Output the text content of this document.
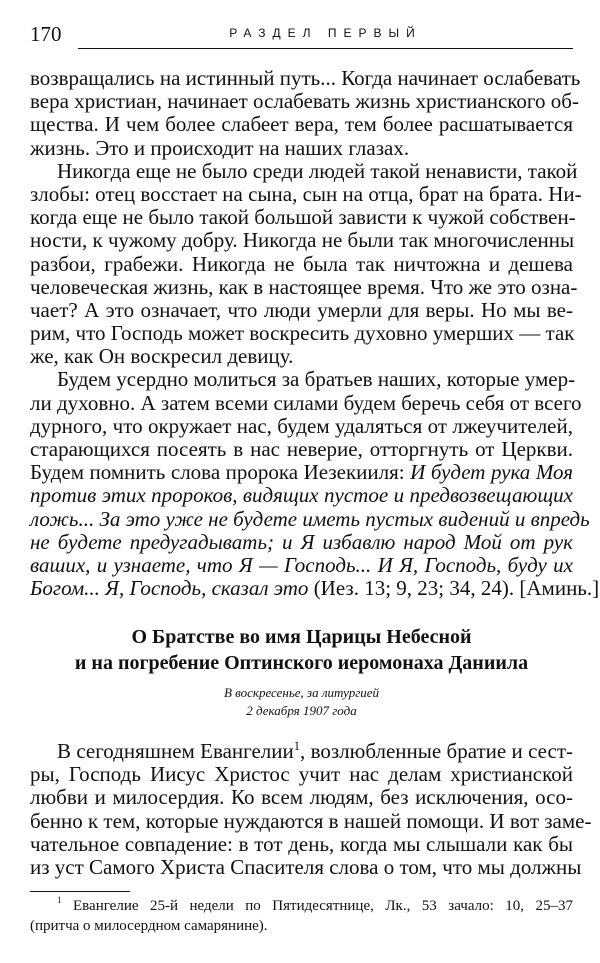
170	РАЗДЕЛ ПЕРВЫЙ
возвращались на истинный путь... Когда начинает ослабевать
вера христиан, начинает ослабевать жизнь христианского об-
щества. И чем более слабеет вера, тем более расшатывается
жизнь. Это и происходит на наших глазах.
Никогда еще не было среди людей такой ненависти, такой
злобы: отец восстает на сына, сын на отца, брат на брата. Ни-
когда еще не было такой большой зависти к чужой собствен-
ности, к чужому добру. Никогда не были так многочисленны
разбои, грабежи. Никогда не была так ничтожна и дешева
человеческая жизнь, как в настоящее время. Что же это озна-
чает? А это означает, что люди умерли для веры. Но мы ве-
рим, что Господь может воскресить духовно умерших — так
же, как Он воскресил девицу.
Будем усердно молиться за братьев наших, которые умер-
ли духовно. А затем всеми силами будем беречь себя от всего
дурного, что окружает нас, будем удаляться от лжеучителей,
старающихся посеять в нас неверие, отторгнуть от Церкви.
Будем помнить слова пророка Иезекииля: И будет рука Моя
против этих пророков, видящих пустое и предвозвещающих
ложь... За это уже не будете иметь пустых видений и впредь
не будете предугадывать; и Я избавлю народ Мой от рук
ваших, и узнаете, что Я — Господь... И Я, Господь, буду их
Богом... Я, Господь, сказал это (Иез. 13; 9, 23; 34, 24). [Аминь.]
О Братстве во имя Царицы Небесной
и на погребение Оптинского иеромонаха Даниила
В воскресенье, за литургией
2 декабря 1907 года
В сегодняшнем Евангелии$^1$, возлюбленные братие и сест-
ры, Господь Иисус Христос учит нас делам христианской
любви и милосердия. Ко всем людям, без исключения, осо-
бенно к тем, которые нуждаются в нашей помощи. И вот заме-
чательное совпадение: в тот день, когда мы слышали как бы
из уст Самого Христа Спасителя слова о том, что мы должны
$^1$ Евангелие 25-й недели по Пятидесятнице, Лк., 53 зачало: 10, 25–37
(притча о милосердном самарянине).
